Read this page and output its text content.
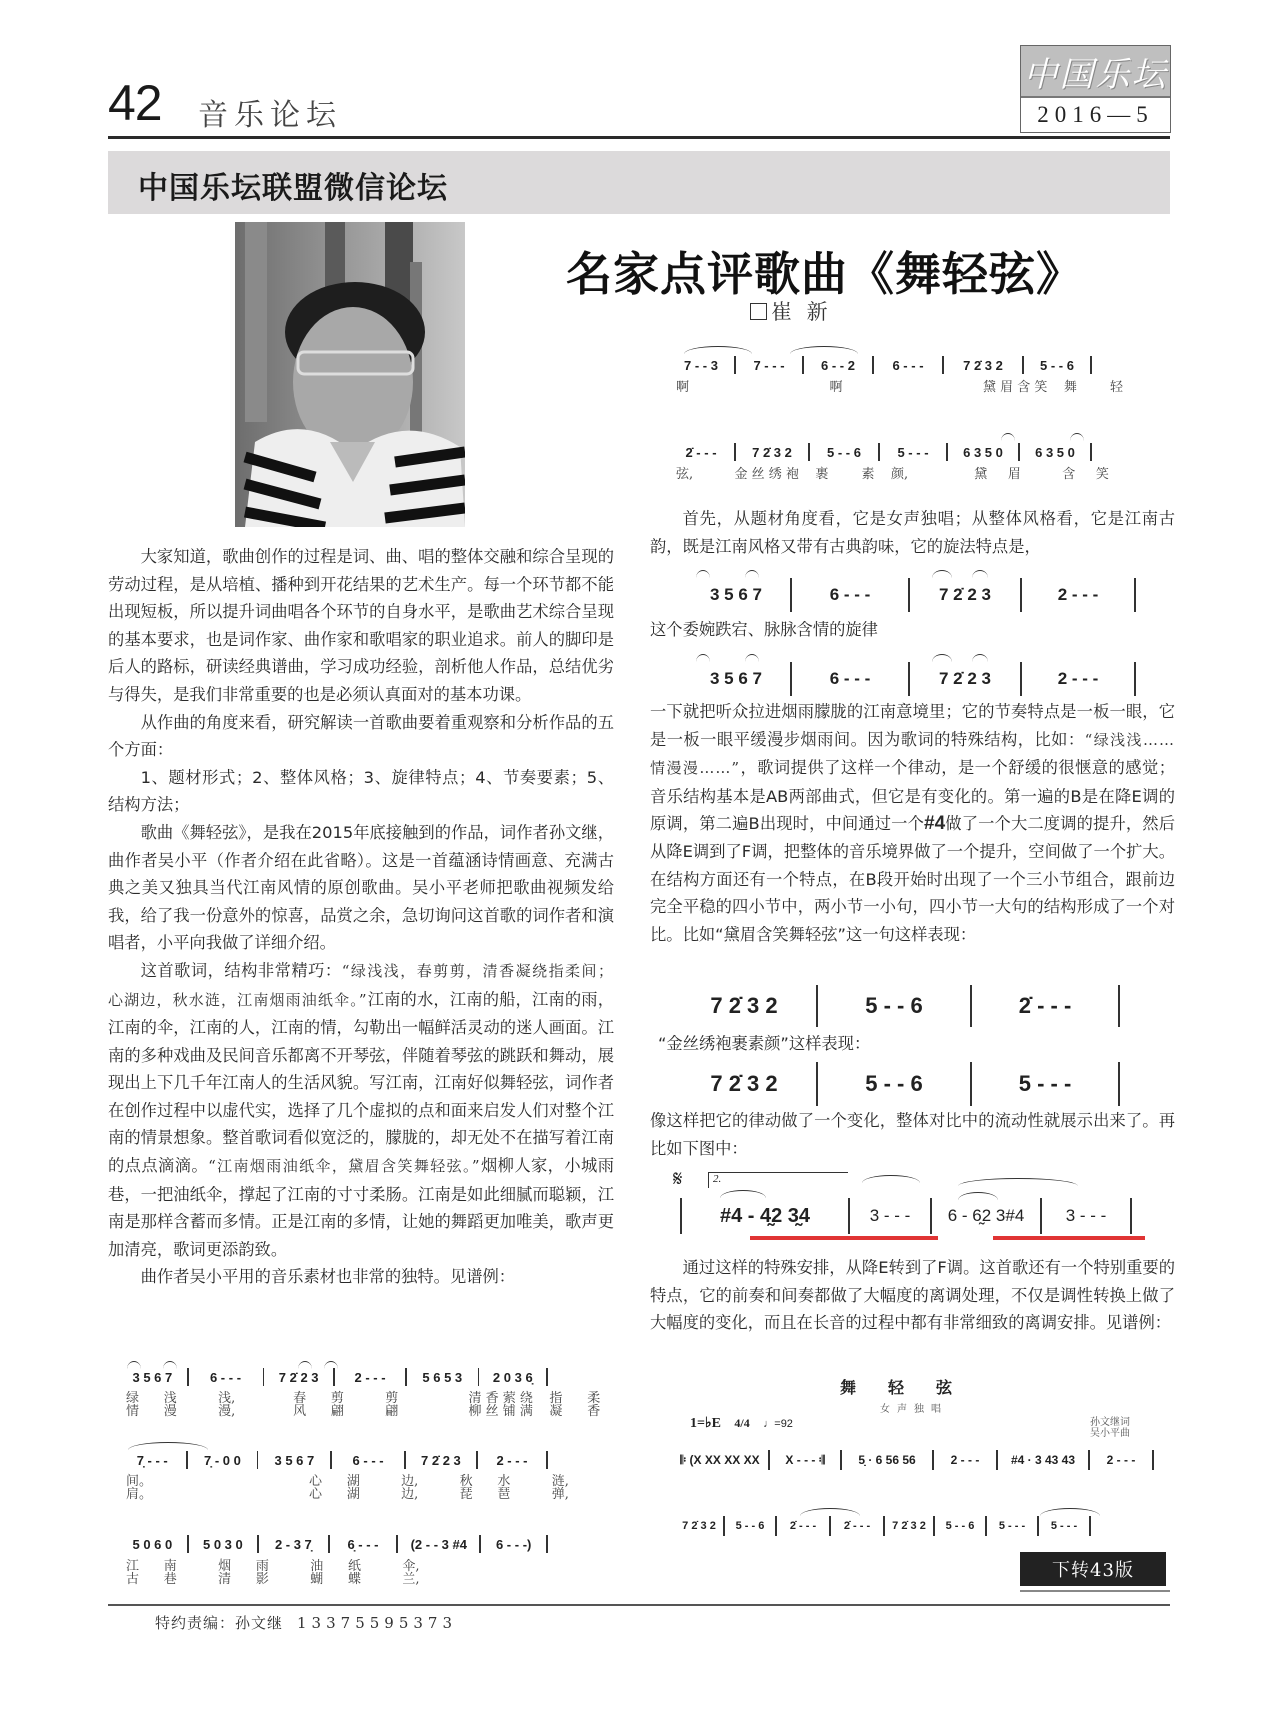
42 音乐论坛
中国乐坛
2016—5
中国乐坛联盟微信论坛
名家点评歌曲《舞轻弦》
崔 新

大家知道，歌曲创作的过程是词、曲、唱的整体交融和综合呈现的劳动过程，是从培植、播种到开花结果的艺术生产。每一个环节都不能出现短板，所以提升词曲唱各个环节的自身水平，是歌曲艺术综合呈现的基本要求，也是词作家、曲作家和歌唱家的职业追求。前人的脚印是后人的路标，研读经典谱曲，学习成功经验，剖析他人作品，总结优劣与得失，是我们非常重要的也是必须认真面对的基本功课。

从作曲的角度来看，研究解读一首歌曲要着重观察和分析作品的五个方面：

1、题材形式；2、整体风格；3、旋律特点；4、节奏要素；5、结构方法；

歌曲《舞轻弦》，是我在2015年底接触到的作品，词作者孙文继，曲作者吴小平（作者介绍在此省略）。这是一首蕴涵诗情画意、充满古典之美又独具当代江南风情的原创歌曲。吴小平老师把歌曲视频发给我，给了我一份意外的惊喜，品赏之余，急切询问这首歌的词作者和演唱者，小平向我做了详细介绍。

这首歌词，结构非常精巧：“绿浅浅，春剪剪，清香凝绕指柔间；心湖边，秋水涟，江南烟雨油纸伞。”江南的水，江南的船，江南的雨，江南的伞，江南的人，江南的情，勾勒出一幅鲜活灵动的迷人画面。江南的多种戏曲及民间音乐都离不开琴弦，伴随着琴弦的跳跃和舞动，展现出上下几千年江南人的生活风貌。写江南，江南好似舞轻弦，词作者在创作过程中以虚代实，选择了几个虚拟的点和面来启发人们对整个江南的情景想象。整首歌词看似宽泛的，朦胧的，却无处不在描写着江南的点点滴滴。“江南烟雨油纸伞，黛眉含笑舞轻弦。”烟柳人家，小城雨巷，一把油纸伞，撑起了江南的寸寸柔肠。江南是如此细腻而聪颖，江南是那样含蓄而多情。正是江南的多情，让她的舞蹈更加唯美，歌声更加清亮，歌词更添韵致。

曲作者吴小平用的音乐素材也非常的独特。见谱例：

3 5 6 7	6 - - -	7 2̇ 2 3	2 - - -	5 6 5 3	2 0 3 6̣
绿      浅          浅,              春      剪          剪                 清 香 萦 绕    指      柔
情      漫          漫,              风      翩          翩                 柳 丝 铺 满    凝      香
7̣ - - -	7̣ - 0 0	3 5 6 7	6 - - -	7 2̇ 2 3	2 - - -
间。                                      心      湖          边,          秋      水          涟,
肩。                                      心      湖          边,          琵      琶          弹,
5 0 6 0	5 0 3 0	2 - 3 7̣	6̣ - - -	(2 - - 3 #4	6 - - -)
江      南          烟      雨          油      纸          伞,
古      巷          清      影          蝴      蝶          兰,
7 - - 3	7 - - -	6 - - 2	6 - - -	7 2̇ 3 2	5 - - 6
啊                                  啊                                  黛 眉 含 笑    舞        轻
2̇ - - -	7 2̇ 3 2	5 - - 6	5 - - -	6 3 5 0	6 3 5 0
弦,          金 丝 绣 袍    裹        素    颜,                黛     眉          含     笑

首先，从题材角度看，它是女声独唱；从整体风格看，它是江南古韵，既是江南风格又带有古典韵味，它的旋法特点是，

3 5 6 7	6 - - -	7 2̇ 2 3	2 - - -

这个委婉跌宕、脉脉含情的旋律

3 5 6 7	6 - - -	7 2̇ 2 3	2 - - -

一下就把听众拉进烟雨朦胧的江南意境里；它的节奏特点是一板一眼，它是一板一眼平缓漫步烟雨间。因为歌词的特殊结构，比如：“绿浅浅……情漫漫……”，歌词提供了这样一个律动，是一个舒缓的很惬意的感觉；音乐结构基本是AB两部曲式，但它是有变化的。第一遍的B是在降E调的原调，第二遍B出现时，中间通过一个#4做了一个大二度调的提升，然后从降E调到了F调，把整体的音乐境界做了一个提升，空间做了一个扩大。在结构方面还有一个特点，在B段开始时出现了一个三小节组合，跟前边完全平稳的四小节中，两小节一小句，四小节一大句的结构形成了一个对比。比如“黛眉含笑舞轻弦”这一句这样表现：

7 2̇ 3 2	5 - - 6	2̇ - - -

“金丝绣袍裹素颜”这样表现：

7 2̇ 3 2	5 - - 6	5 - - -

像这样把它的律动做了一个变化，整体对比中的流动性就展示出来了。再比如下图中：

𝄋	2.
#4 - 4̰2 3̰4	3 - - -	6 - 6̰2 3#4	3 - - -

通过这样的特殊安排，从降E转到了F调。这首歌还有一个特别重要的特点，它的前奏和间奏都做了大幅度的离调处理，不仅是调性转换上做了大幅度的变化，而且在长音的过程中都有非常细致的离调安排。见谱例：

舞轻弦
女声独唱
1=♭E 4/4 ♩=92	孙文继词
吴小平曲
𝄆 (X XX XX XX	X - - - 𝄇	5̣ · 6 56 56	2 - - -	#4 · 3 43 43	2 - - -
7 2̇ 3 2	5 - - 6	2̇ - - -	2̇ - - -	7 2̇ 3 2	5 - - 6	5 - - -	5 - - -
下转43版
特约责编：孙文继 13375595373
